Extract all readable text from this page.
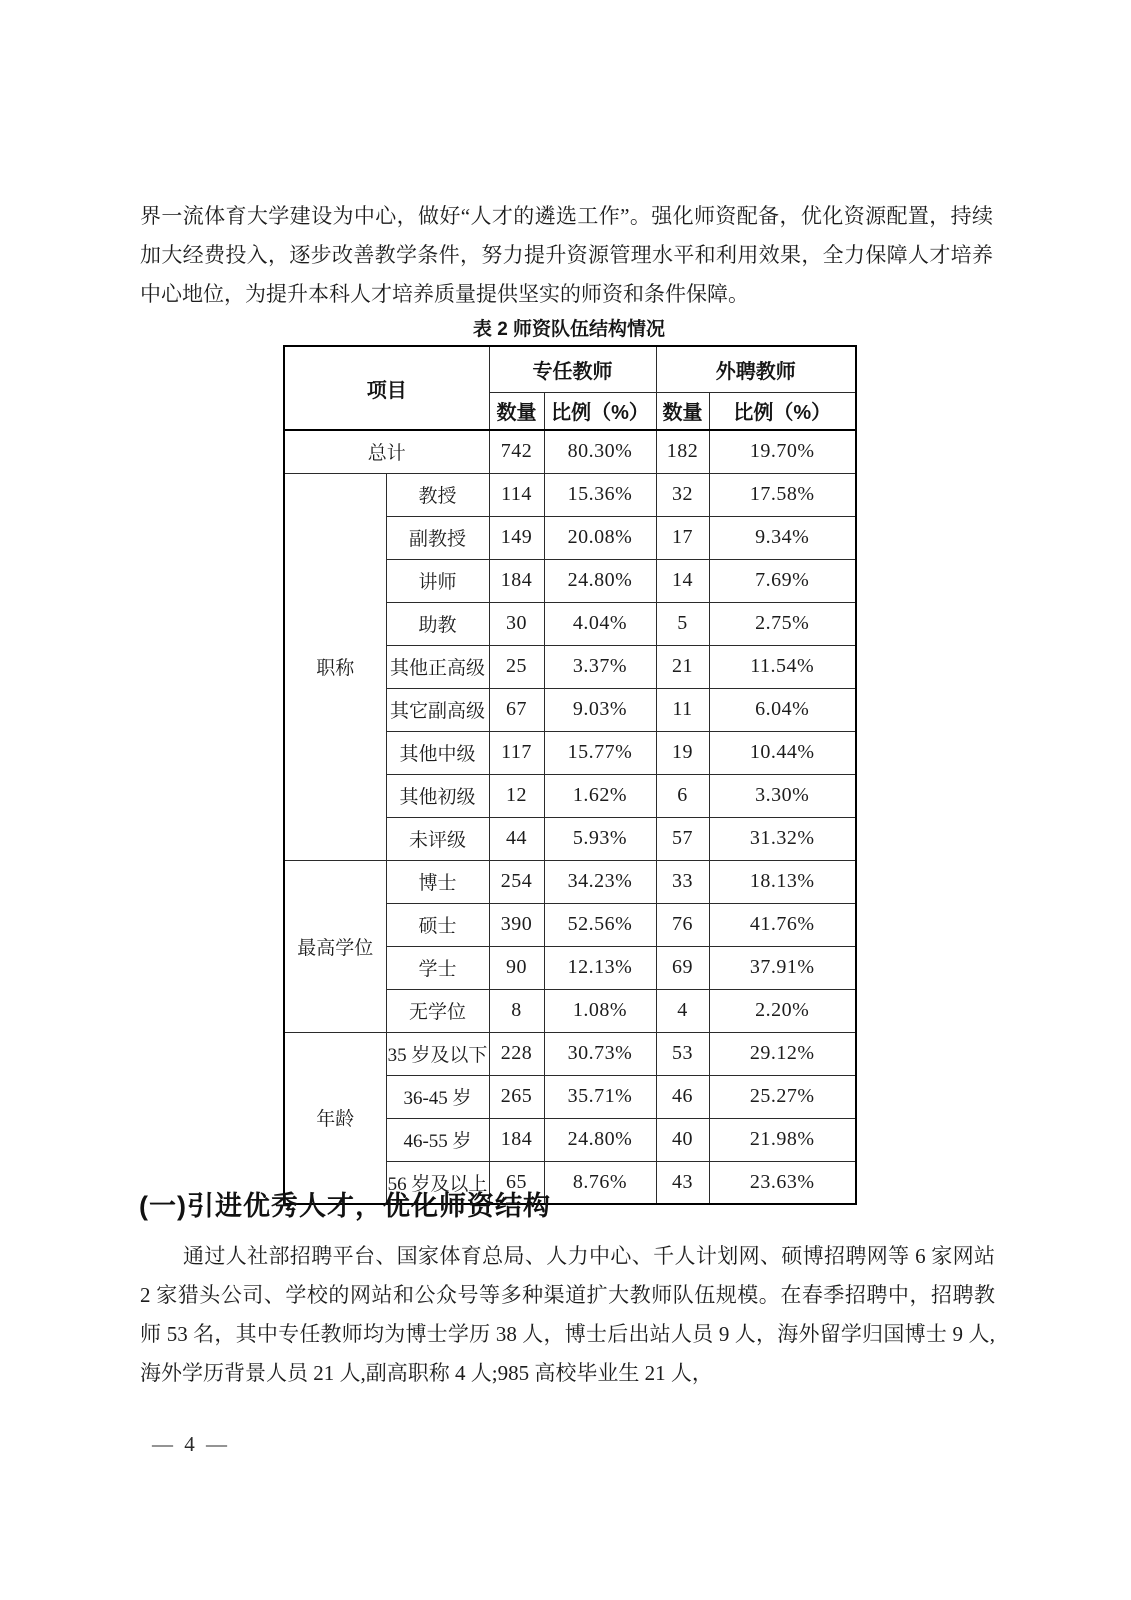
界一流体育大学建设为中心，做好“人才的遴选工作”。强化师资配备，优化资源配置，持续加大经费投入，逐步改善教学条件，努力提升资源管理水平和利用效果，全力保障人才培养中心地位，为提升本科人才培养质量提供坚实的师资和条件保障。
表 2 师资队伍结构情况
项目		专任教师		外聘教师	
		数量	比例（%）	数量	比例（%）
总计		742	80.30%	182	19.70%
职称	教授	114	15.36%	32	17.58%
	副教授	149	20.08%	17	9.34%
	讲师	184	24.80%	14	7.69%
	助教	30	4.04%	5	2.75%
	其他正高级	25	3.37%	21	11.54%
	其它副高级	67	9.03%	11	6.04%
	其他中级	117	15.77%	19	10.44%
	其他初级	12	1.62%	6	3.30%
	未评级	44	5.93%	57	31.32%
最高学位	博士	254	34.23%	33	18.13%
	硕士	390	52.56%	76	41.76%
	学士	90	12.13%	69	37.91%
	无学位	8	1.08%	4	2.20%
年龄	35 岁及以下	228	30.73%	53	29.12%
	36-45 岁	265	35.71%	46	25.27%
	46-55 岁	184	24.80%	40	21.98%
	56 岁及以上	65	8.76%	43	23.63%
(一)引进优秀人才，优化师资结构
通过人社部招聘平台、国家体育总局、人力中心、千人计划网、硕博招聘网等 6 家网站 2 家猎头公司、学校的网站和公众号等多种渠道扩大教师队伍规模。在春季招聘中，招聘教师 53 名，其中专任教师均为博士学历 38 人，博士后出站人员 9 人，海外留学归国博士 9 人,海外学历背景人员 21 人,副高职称 4 人;985 高校毕业生 21 人，
— 4 —
